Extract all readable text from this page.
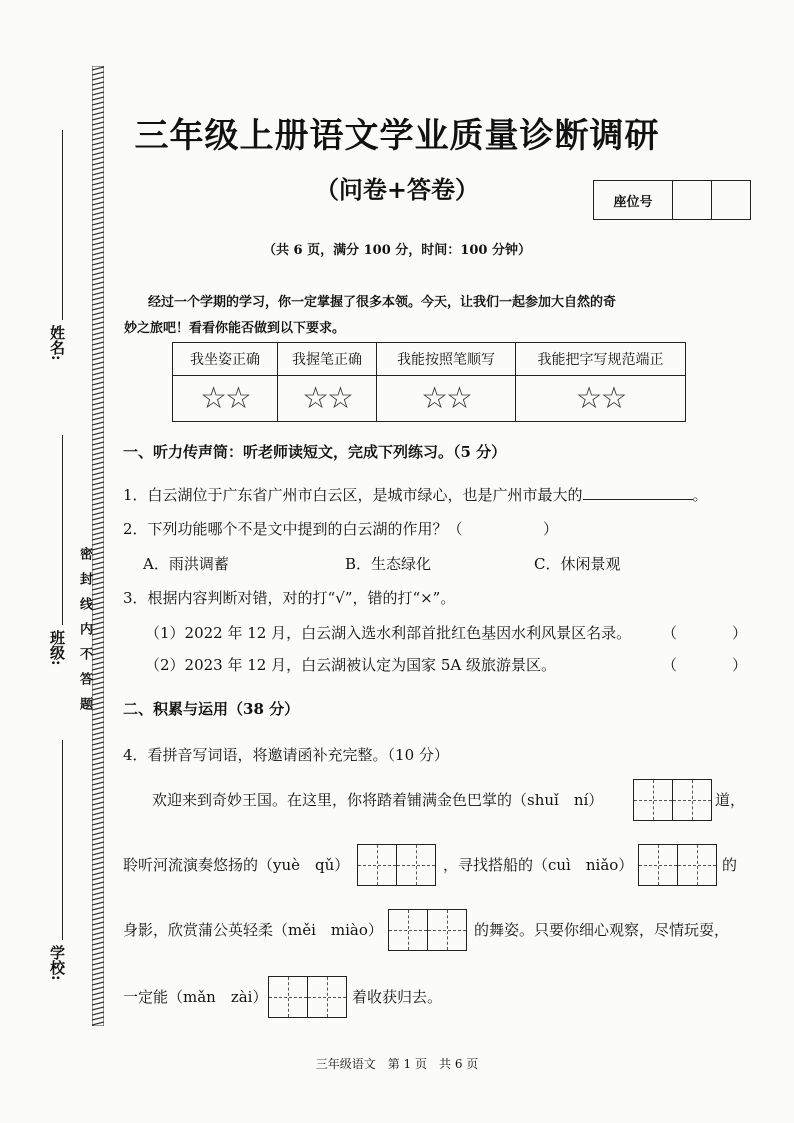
密封线内不答题
姓名:
班级:
学校:
三年级上册语文学业质量诊断调研
（问卷+答卷）	座位号
（共 6 页，满分 100 分，时间：100 分钟）
经过一个学期的学习，你一定掌握了很多本领。今天，让我们一起参加大自然的奇
妙之旅吧！看看你能否做到以下要求。
我坐姿正确	我握笔正确	我能按照笔顺写	我能把字写规范端正
☆☆	☆☆	☆☆	☆☆
一、听力传声筒：听老师读短文，完成下列练习。（5 分）
1．白云湖位于广东省广州市白云区，是城市绿心，也是广州市最大的	。
2．下列功能哪个不是文中提到的白云湖的作用？（	）
A．雨洪调蓄	B．生态绿化	C．休闲景观
3．根据内容判断对错，对的打“√”，错的打“×”。
（1）2022 年 12 月，白云湖入选水利部首批红色基因水利风景区名录。 （	）
（2）2023 年 12 月，白云湖被认定为国家 5A 级旅游景区。	（	）
二、积累与运用（38 分）
4．看拼音写词语，将邀请函补充完整。（10 分）
欢迎来到奇妙王国。在这里，你将踏着铺满金色巴掌的（shuǐ　ní）	道，
聆听河流演奏悠扬的（yuè　qǔ）	，寻找搭船的（cuì　niǎo）	的
身影，欣赏蒲公英轻柔（měi　miào）	的舞姿。只要你细心观察，尽情玩耍，
一定能（mǎn　zài）	着收获归去。
三年级语文　第 1 页　共 6 页
